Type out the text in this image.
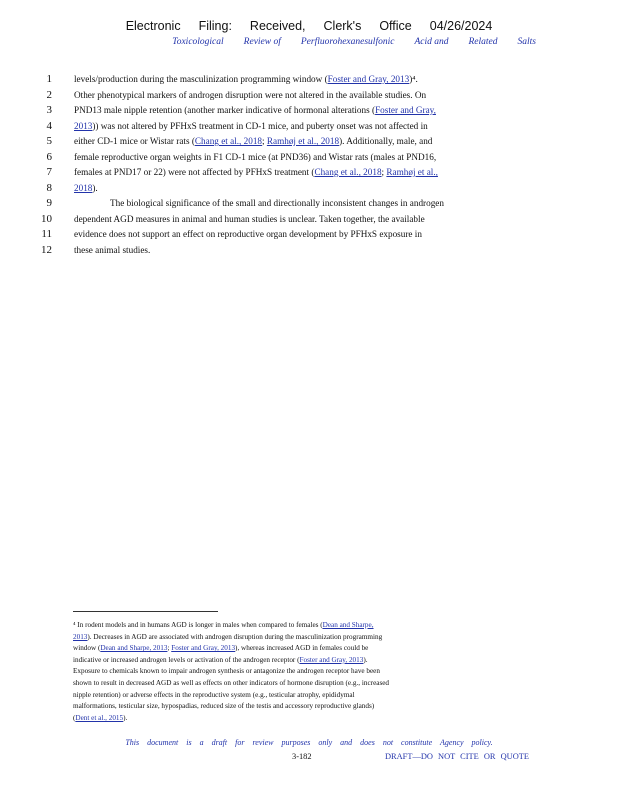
Electronic Filing: Received, Clerk's Office 04/26/2024
Toxicological Review of Perfluorohexanesulfonic Acid and Related Salts
1 levels/production during the masculinization programming window (Foster and Gray, 2013)⁴.
2 Other phenotypical markers of androgen disruption were not altered in the available studies. On
3 PND13 male nipple retention (another marker indicative of hormonal alterations (Foster and Gray,
4 2013)) was not altered by PFHxS treatment in CD-1 mice, and puberty onset was not affected in
5 either CD-1 mice or Wistar rats (Chang et al., 2018; Ramhøj et al., 2018). Additionally, male, and
6 female reproductive organ weights in F1 CD-1 mice (at PND36) and Wistar rats (males at PND16,
7 females at PND17 or 22) were not affected by PFHxS treatment (Chang et al., 2018; Ramhøj et al.,
8 2018).
9	The biological significance of the small and directionally inconsistent changes in androgen
10 dependent AGD measures in animal and human studies is unclear. Taken together, the available
11 evidence does not support an effect on reproductive organ development by PFHxS exposure in
12 these animal studies.
⁴ In rodent models and in humans AGD is longer in males when compared to females (Dean and Sharpe,
2013). Decreases in AGD are associated with androgen disruption during the masculinization programming
window (Dean and Sharpe, 2013; Foster and Gray, 2013), whereas increased AGD in females could be
indicative or increased androgen levels or activation of the androgen receptor (Foster and Gray, 2013).
Exposure to chemicals known to impair androgen synthesis or antagonize the androgen receptor have been
shown to result in decreased AGD as well as effects on other indicators of hormone disruption (e.g., increased
nipple retention) or adverse effects in the reproductive system (e.g., testicular atrophy, epididymal
malformations, testicular size, hypospadias, reduced size of the testis and accessory reproductive glands)
(Dent et al., 2015).
This document is a draft for review purposes only and does not constitute Agency policy.
3-182	DRAFT—DO NOT CITE OR QUOTE
